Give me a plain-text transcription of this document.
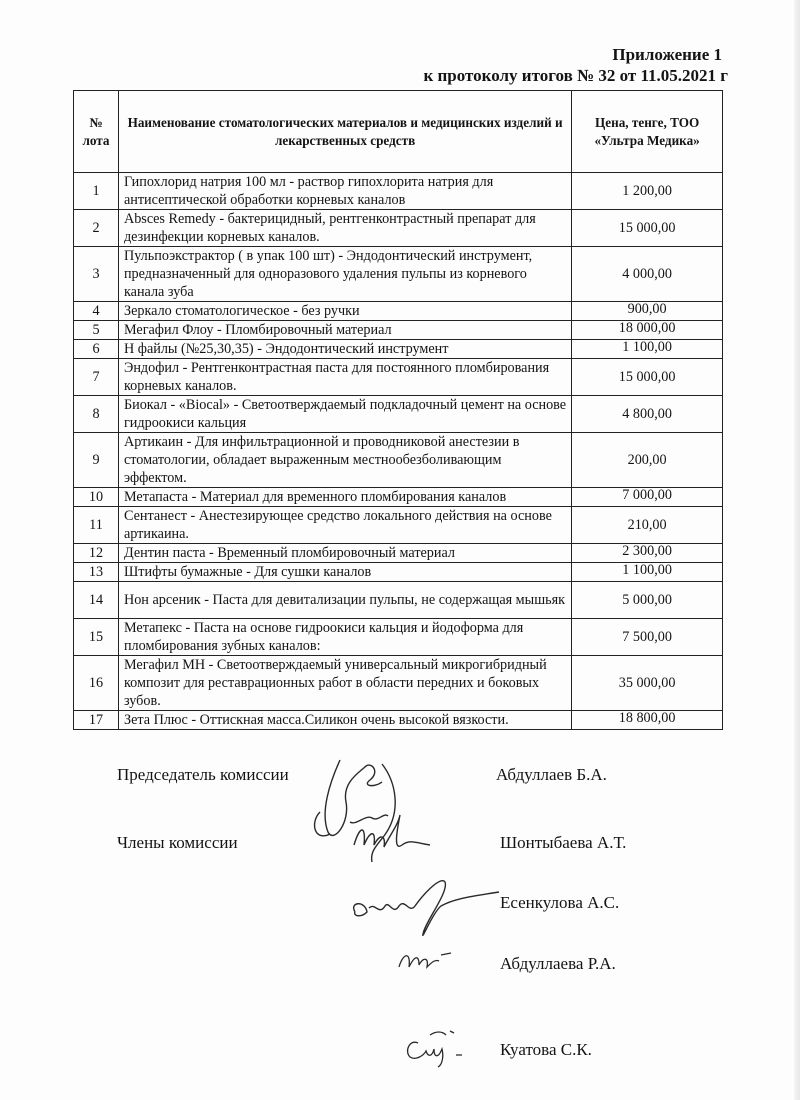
Приложение 1
к протоколу итогов № 32 от 11.05.2021 г
№ лота	Наименование стоматологических материалов и медицинских изделий и лекарственных средств	Цена, тенге, ТОО «Ультра Медика»
1	Гипохлорид натрия 100 мл - раствор гипохлорита натрия для антисептической обработки корневых каналов	1 200,00
2	Absces Remedy - бактерицидный, рентгенконтрастный препарат для дезинфекции корневых каналов.	15 000,00
3	Пульпоэкстрактор ( в упак 100 шт) - Эндодонтический инструмент, предназначенный для одноразового удаления пульпы из корневого канала зуба	4 000,00
4	Зеркало стоматологическое - без ручки	900,00
5	Мегафил Флоу - Пломбировочный материал	18 000,00
6	Н файлы (№25,30,35) - Эндодонтический инструмент	1 100,00
7	Эндофил - Рентгенконтрастная паста для постоянного пломбирования корневых каналов.	15 000,00
8	Биокал - «Biocal» - Светоотверждаемый подкладочный цемент на основе гидроокиси кальция	4 800,00
9	Артикаин - Для инфильтрационной и проводниковой анестезии в стоматологии, обладает выраженным местнообезболивающим эффектом.	200,00
10	Метапаста - Материал для временного пломбирования каналов	7 000,00
11	Сентанест - Анестезирующее средство локального действия на основе артикаина.	210,00
12	Дентин паста - Временный пломбировочный материал	2 300,00
13	Штифты бумажные - Для сушки каналов	1 100,00
14	Нон арсеник - Паста для девитализации пульпы, не содержащая мышьяк	5 000,00
15	Метапекс - Паста на основе гидроокиси кальция и йодоформа для пломбирования зубных каналов:	7 500,00
16	Мегафил МН - Светоотверждаемый универсальный микрогибридный композит для реставрационных работ в области передних и боковых зубов.	35 000,00
17	Зета Плюс - Оттискная масса.Силикон очень высокой вязкости.	18 800,00
Председатель комиссии
Члены комиссии
Абдуллаев Б.А.
Шонтыбаева А.Т.
Есенкулова А.С.
Абдуллаева Р.А.
Куатова С.К.
